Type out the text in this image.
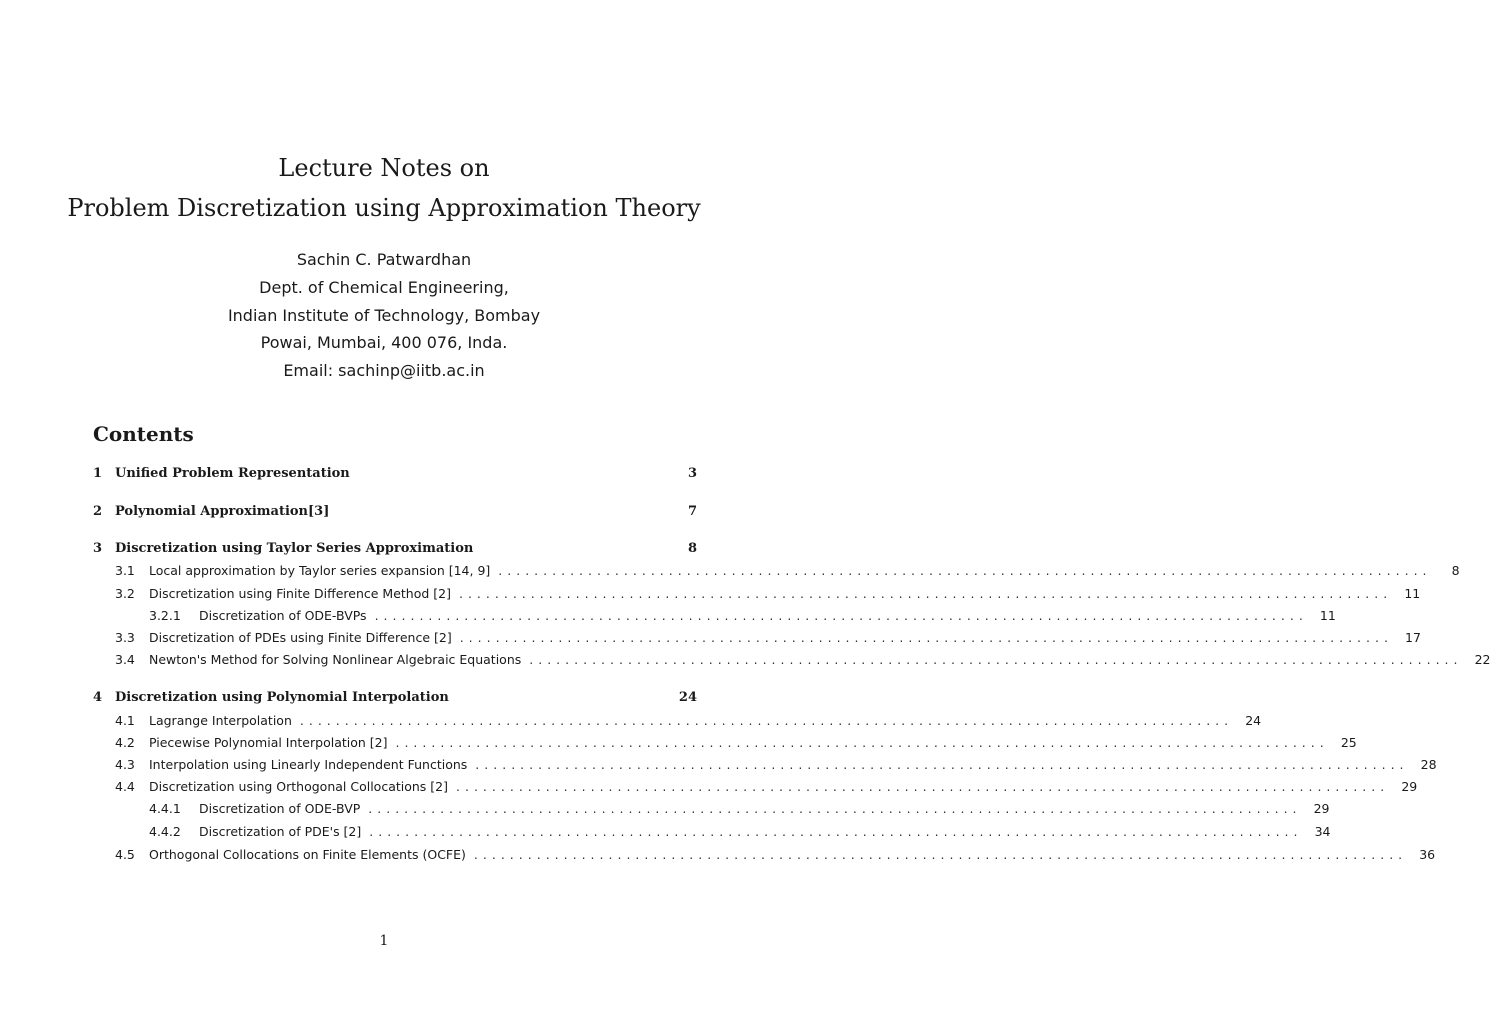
Lecture Notes on
Problem Discretization using Approximation Theory
Sachin C. Patwardhan
Dept. of Chemical Engineering,
Indian Institute of Technology, Bombay
Powai, Mumbai, 400 076, Inda.
Email: sachinp@iitb.ac.in
Contents
1 Unified Problem Representation	3
2 Polynomial Approximation[3]	7
3 Discretization using Taylor Series Approximation	8
3.1	Local approximation by Taylor series expansion [14, 9] ........................................................................................................	8
3.2	Discretization using Finite Difference Method [2] ........................................................................................................ 11
3.2.1	Discretization of ODE-BVPs ........................................................................................................ 11
3.3	Discretization of PDEs using Finite Difference [2] ........................................................................................................ 17
3.4	Newton's Method for Solving Nonlinear Algebraic Equations ........................................................................................................ 22
4 Discretization using Polynomial Interpolation	24
4.1	Lagrange Interpolation ........................................................................................................ 24
4.2	Piecewise Polynomial Interpolation [2] ........................................................................................................ 25
4.3	Interpolation using Linearly Independent Functions ........................................................................................................ 28
4.4	Discretization using Orthogonal Collocations [2] ........................................................................................................ 29
4.4.1	Discretization of ODE-BVP ........................................................................................................ 29
4.4.2	Discretization of PDE's [2] ........................................................................................................ 34
4.5	Orthogonal Collocations on Finite Elements (OCFE) ........................................................................................................ 36
1
